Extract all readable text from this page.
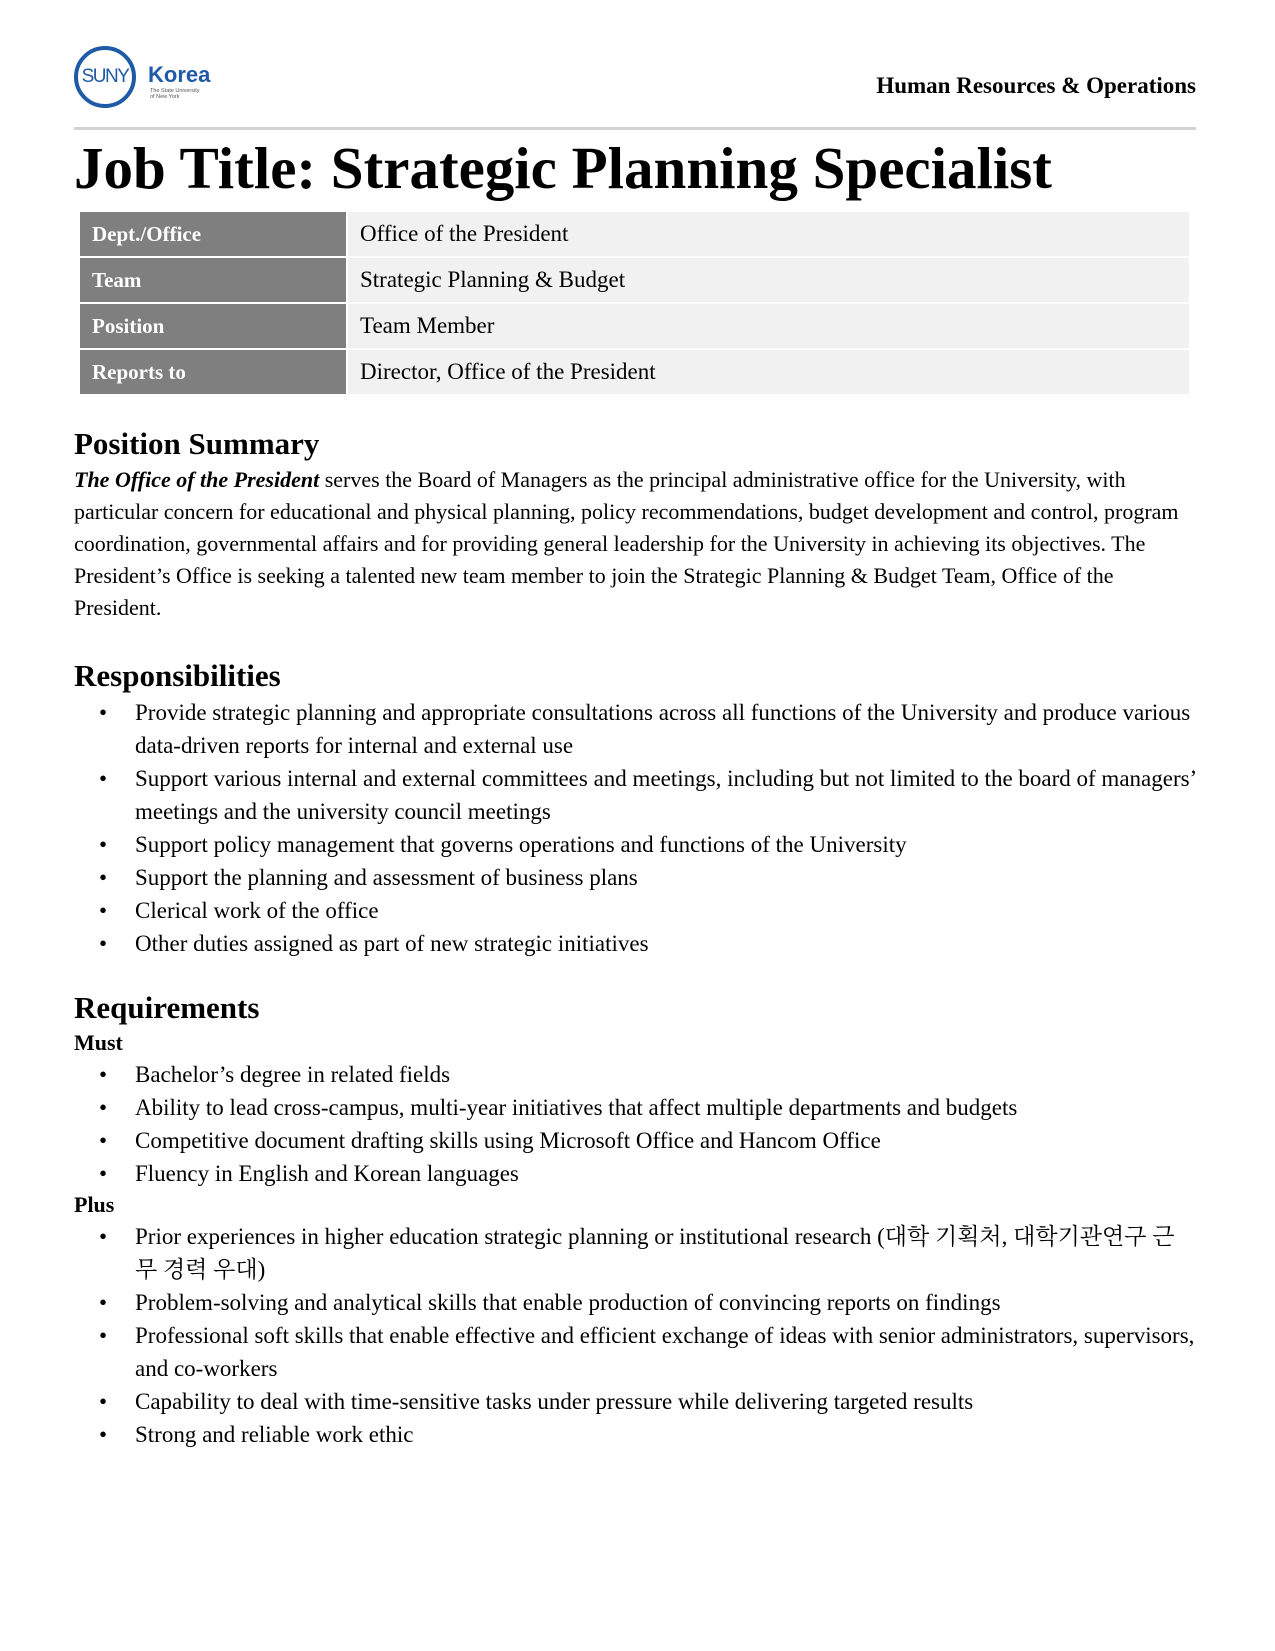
SUNY Korea
The State University
of New York	Human Resources & Operations
Job Title: Strategic Planning Specialist
Dept./Office	Office of the President
Team	Strategic Planning & Budget
Position	Team Member
Reports to	Director, Office of the President
Position Summary

The Office of the President serves the Board of Managers as the principal administrative office for the University, with particular concern for educational and physical planning, policy recommendations, budget development and control, program coordination, governmental affairs and for providing general leadership for the University in achieving its objectives. The President’s Office is seeking a talented new team member to join the Strategic Planning & Budget Team, Office of the President.

Responsibilities
• Provide strategic planning and appropriate consultations across all functions of the University and produce various data-driven reports for internal and external use
• Support various internal and external committees and meetings, including but not limited to the board of managers’ meetings and the university council meetings
• Support policy management that governs operations and functions of the University
• Support the planning and assessment of business plans
• Clerical work of the office
• Other duties assigned as part of new strategic initiatives
Requirements
Must
• Bachelor’s degree in related fields
• Ability to lead cross-campus, multi-year initiatives that affect multiple departments and budgets
• Competitive document drafting skills using Microsoft Office and Hancom Office
• Fluency in English and Korean languages
Plus
• Prior experiences in higher education strategic planning or institutional research (대학 기획처, 대학기관연구 근무 경력 우대)
• Problem-solving and analytical skills that enable production of convincing reports on findings
• Professional soft skills that enable effective and efficient exchange of ideas with senior administrators, supervisors, and co-workers
• Capability to deal with time-sensitive tasks under pressure while delivering targeted results
• Strong and reliable work ethic
